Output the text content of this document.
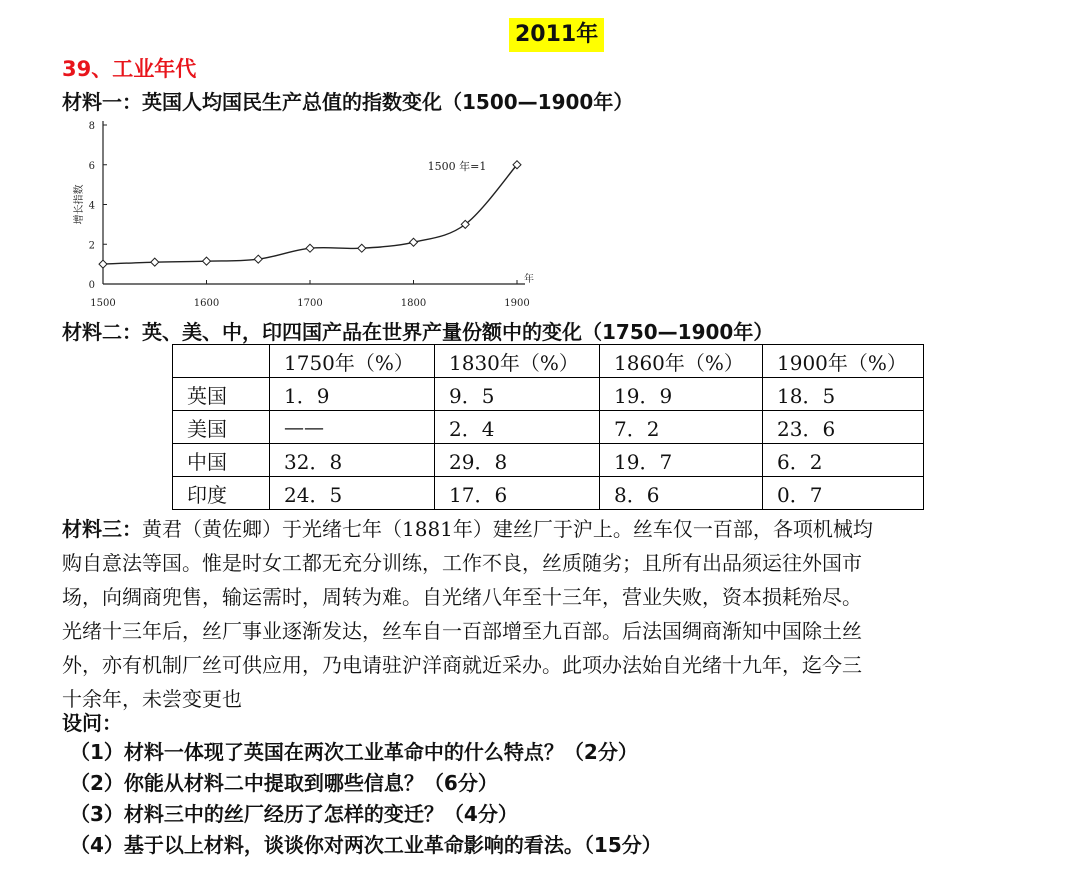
2011年
39、工业年代
材料一：英国人均国民生产总值的指数变化（1500—1900年）
0
2
4
6
8
1500	1600	1700	1800	1900
年
增长指数
1500 年=1
材料二：英、美、中，印四国产品在世界产量份额中的变化（1750—1900年）
	1750年（%）	1830年（%）	1860年（%）	1900年（%）
英国	1．9	9．5	19．9	18．5
美国	——	2．4	7．2	23．6
中国	32．8	29．8	19．7	6．2
印度	24．5	17．6	8．6	0．7
材料三：黄君（黄佐卿）于光绪七年（1881年）建丝厂于沪上。丝车仅一百部，各项机械均
购自意法等国。惟是时女工都无充分训练，工作不良，丝质随劣；且所有出品须运往外国市
场，向绸商兜售，输运需时，周转为难。自光绪八年至十三年，营业失败，资本损耗殆尽。
光绪十三年后，丝厂事业逐渐发达，丝车自一百部增至九百部。后法国绸商渐知中国除土丝
外，亦有机制厂丝可供应用，乃电请驻沪洋商就近采办。此项办法始自光绪十九年，迄今三
十余年，未尝变更也
设问：
（1）材料一体现了英国在两次工业革命中的什么特点？（2分）
（2）你能从材料二中提取到哪些信息？（6分）
（3）材料三中的丝厂经历了怎样的变迁？（4分）
（4）基于以上材料，谈谈你对两次工业革命影响的看法。（15分）
